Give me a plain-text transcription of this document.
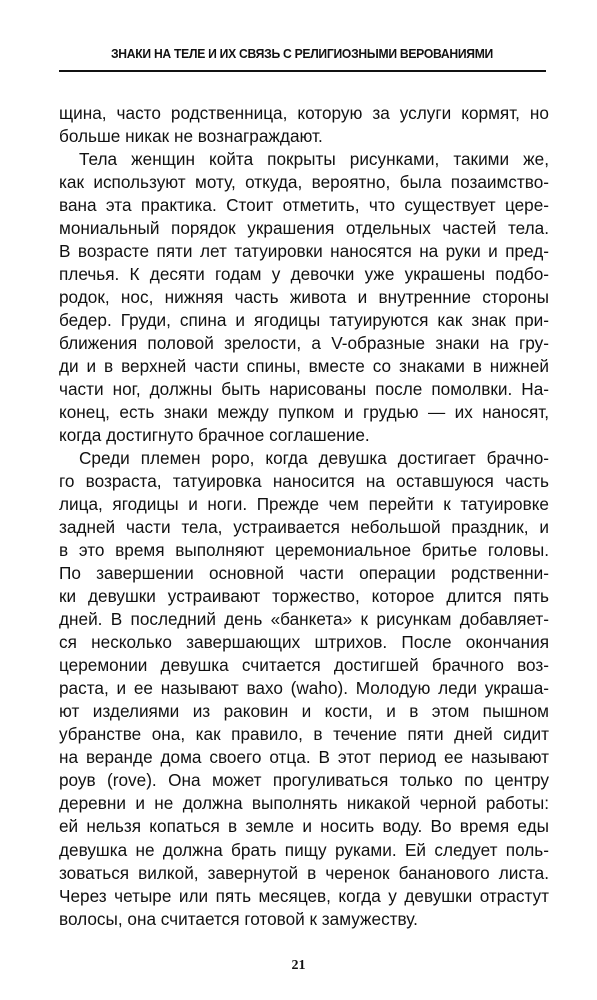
ЗНАКИ НА ТЕЛЕ И ИХ СВЯЗЬ С РЕЛИГИОЗНЫМИ ВЕРОВАНИЯМИ

щина, часто родственница, которую за услуги кормят, но
больше никак не вознаграждают.

Тела женщин койта покрыты рисунками, такими же,
как используют моту, откуда, вероятно, была позаимство-
вана эта практика. Стоит отметить, что существует цере-
мониальный порядок украшения отдельных частей тела.
В возрасте пяти лет татуировки наносятся на руки и пред-
плечья. К десяти годам у девочки уже украшены подбо-
родок, нос, нижняя часть живота и внутренние стороны
бедер. Груди, спина и ягодицы татуируются как знак при-
ближения половой зрелости, а V-образные знаки на гру-
ди и в верхней части спины, вместе со знаками в нижней
части ног, должны быть нарисованы после помолвки. На-
конец, есть знаки между пупком и грудью — их наносят,
когда достигнуто брачное соглашение.

Среди племен роро, когда девушка достигает брачно-
го возраста, татуировка наносится на оставшуюся часть
лица, ягодицы и ноги. Прежде чем перейти к татуировке
задней части тела, устраивается небольшой праздник, и
в это время выполняют церемониальное бритье головы.
По завершении основной части операции родственни-
ки девушки устраивают торжество, которое длится пять
дней. В последний день «банкета» к рисункам добавляет-
ся несколько завершающих штрихов. После окончания
церемонии девушка считается достигшей брачного воз-
раста, и ее называют вахо (waho). Молодую леди украша-
ют изделиями из раковин и кости, и в этом пышном
убранстве она, как правило, в течение пяти дней сидит
на веранде дома своего отца. В этот период ее называют
роув (rove). Она может прогуливаться только по центру
деревни и не должна выполнять никакой черной работы:
ей нельзя копаться в земле и носить воду. Во время еды
девушка не должна брать пищу руками. Ей следует поль-
зоваться вилкой, завернутой в черенок бананового листа.
Через четыре или пять месяцев, когда у девушки отрастут
волосы, она считается готовой к замужеству.

21
